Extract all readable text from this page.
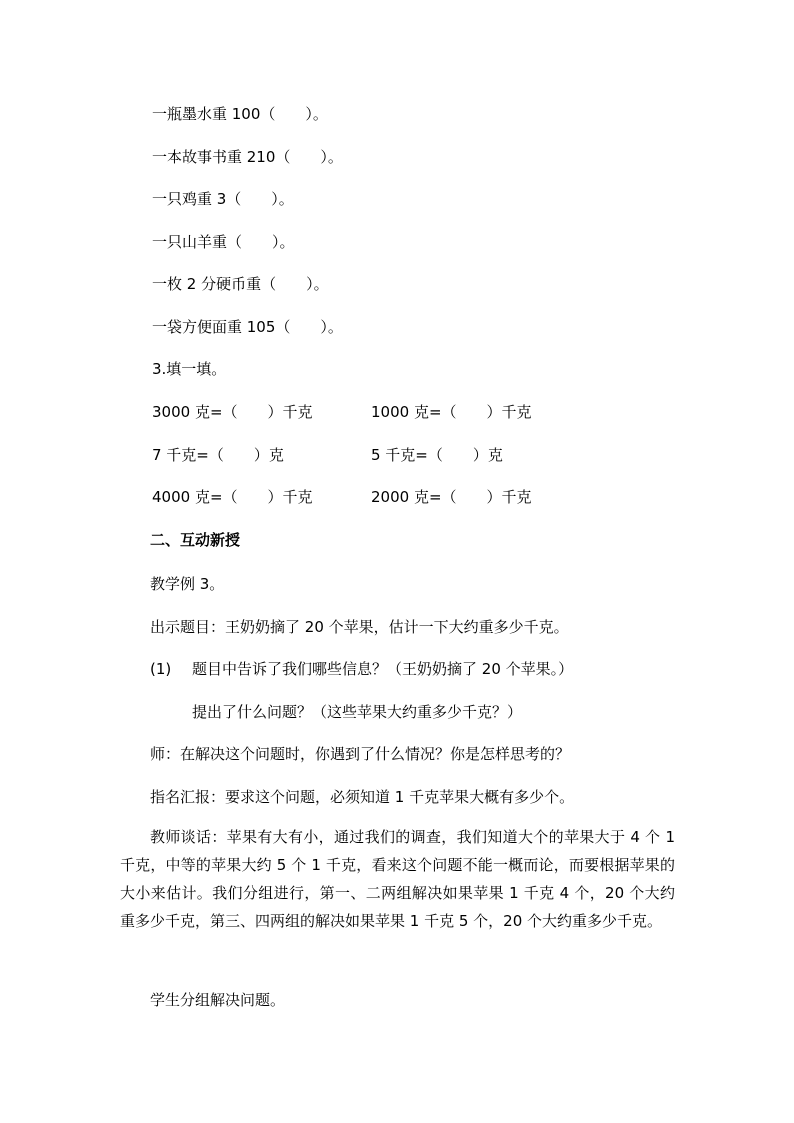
一瓶墨水重 100（　　）。
一本故事书重 210（　　）。
一只鸡重 3（　　）。
一只山羊重（　　）。
一枚 2 分硬币重（　　）。
一袋方便面重 105（　　）。
3.填一填。
3000 克=（　　）千克	1000 克=（　　）千克
7 千克=（　　）克	5 千克=（　　）克
4000 克=（　　）千克	2000 克=（　　）千克
二、互动新授
教学例 3。
出示题目：王奶奶摘了 20 个苹果，估计一下大约重多少千克。
(1) 题目中告诉了我们哪些信息？（王奶奶摘了 20 个苹果。）
提出了什么问题？（这些苹果大约重多少千克？）
师：在解决这个问题时，你遇到了什么情况？你是怎样思考的？
指名汇报：要求这个问题，必须知道 1 千克苹果大概有多少个。
教师谈话：苹果有大有小，通过我们的调查，我们知道大个的苹果大于 4 个 1 千克，中等的苹果大约 5 个 1 千克，看来这个问题不能一概而论，而要根据苹果的大小来估计。我们分组进行，第一、二两组解决如果苹果 1 千克 4 个，20 个大约重多少千克，第三、四两组的解决如果苹果 1 千克 5 个，20 个大约重多少千克。
学生分组解决问题。
